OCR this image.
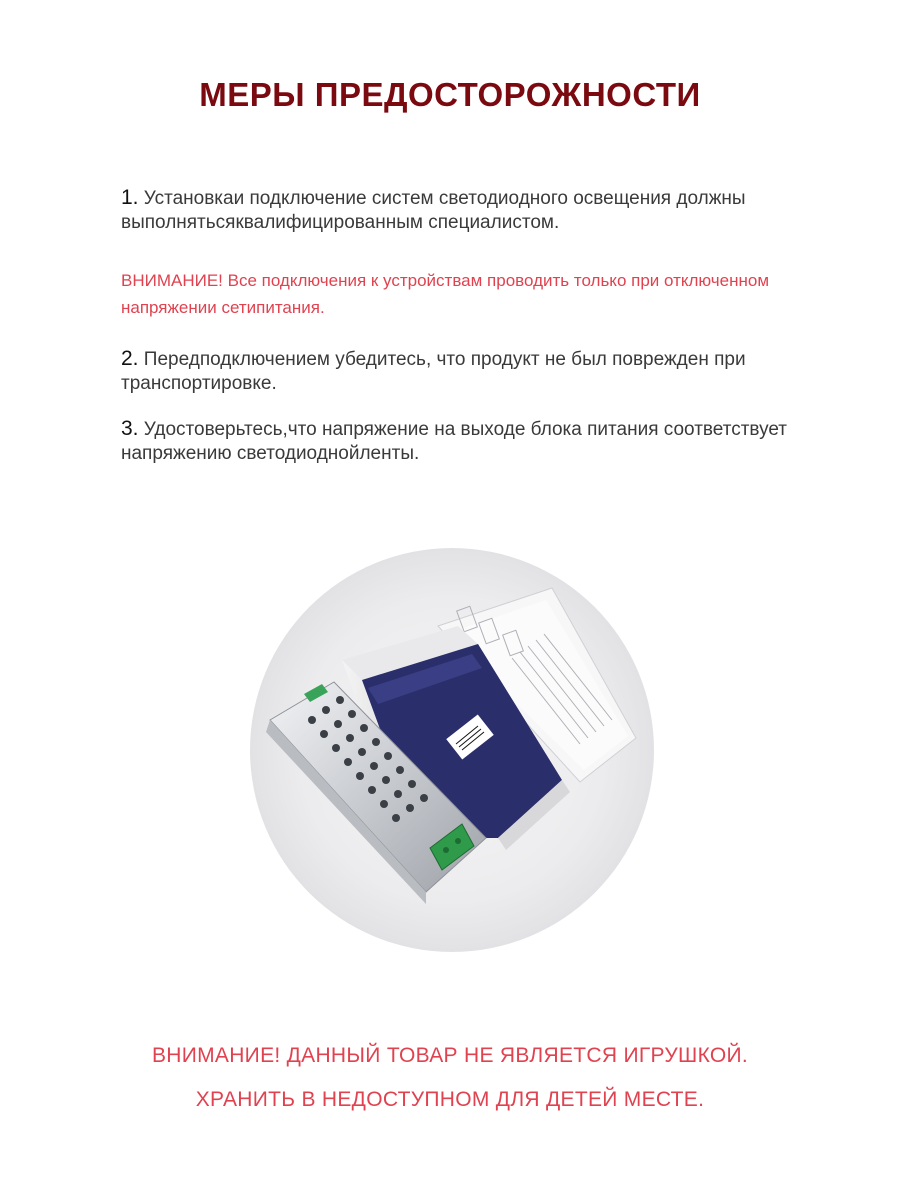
МЕРЫ ПРЕДОСТОРОЖНОСТИ
1. Установкаи подключение систем светодиодного освещения должны выполнятьсяквалифицированным специалистом.
ВНИМАНИЕ! Все подключения к устройствам проводить только при отключенном напряжении сетипитания.
2. Передподключением убедитесь, что продукт не был поврежден при транспортировке.
3. Удостоверьтесь,что напряжение на выходе блока питания соответствует напряжению светодиоднойленты.
ВНИМАНИЕ! ДАННЫЙ ТОВАР НЕ ЯВЛЯЕТСЯ ИГРУШКОЙ.
ХРАНИТЬ В НЕДОСТУПНОМ ДЛЯ ДЕТЕЙ МЕСТЕ.
